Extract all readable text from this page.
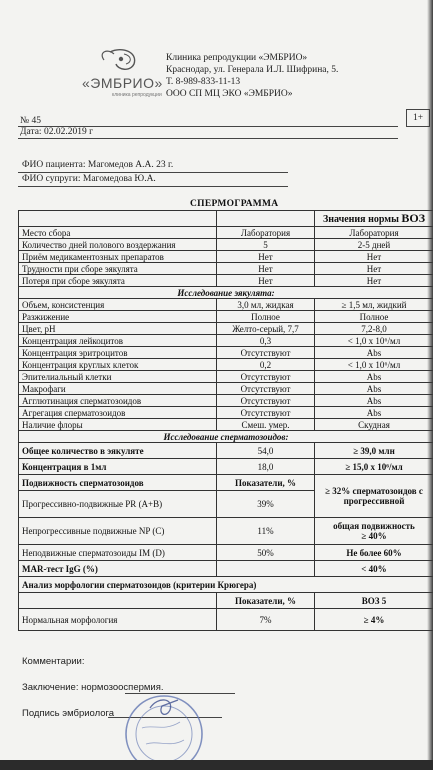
«ЭМБРИО»
клиника репродукции
Клиника репродукции «ЭМБРИО»
Краснодар, ул. Генерала И.Л. Шифрина, 5.
Т. 8-989-833-11-13
ООО СП МЦ ЭКО «ЭМБРИО»
№ 45
Дата: 02.02.2019 г
1+
ФИО пациента: Магомедов А.А. 23 г.
ФИО супруги: Магомедова Ю.А.
СПЕРМОГРАММА
		Значения нормы ВОЗ
Место сбора	Лаборатория	Лаборатория
Количество дней полового воздержания	5	2-5 дней
Приём медикаментозных препаратов	Нет	Нет
Трудности при сборе эякулята	Нет	Нет
Потеря при сборе эякулята	Нет	Нет
Исследование эякулята:		
Объем, консистенция	3,0 мл, жидкая	≥ 1,5 мл, жидкий
Разжижение	Полное	Полное
Цвет, pH	Желто-серый, 7,7	7,2-8,0
Концентрация лейкоцитов	0,3	< 1,0 х 10⁶/мл
Концентрация эритроцитов	Отсутствуют	Abs
Концентрация круглых клеток	0,2	< 1,0 х 10⁶/мл
Эпителиальный клетки	Отсутствуют	Abs
Макрофаги	Отсутствуют	Abs
Агглютинация сперматозоидов	Отсутствуют	Abs
Агрегация сперматозоидов	Отсутствуют	Abs
Наличие флоры	Смеш. умер.	Скудная
Исследование сперматозоидов:		
Общее количество в эякуляте	54,0	≥ 39,0 млн
Концентрация в 1мл	18,0	≥ 15,0 х 10⁶/мл
Подвижность сперматозоидов	Показатели, %	≥ 32% сперматозоидов с
прогрессивной

Прогрессивно-подвижные PR (A+B)	39%	
Непрогрессивные подвижные NP (C)	11%	общая подвижность
≥ 40%

Неподвижные сперматозоиды IM (D)	50%	Не более 60%
MAR-тест IgG (%)		< 40%
Анализ морфологии сперматозоидов (критерии Крюгера)		
	Показатели, %	ВОЗ 5
Нормальная морфология	7%	≥ 4%
Комментарии:
Заключение: нормозооспермия.
Подпись эмбриолога
